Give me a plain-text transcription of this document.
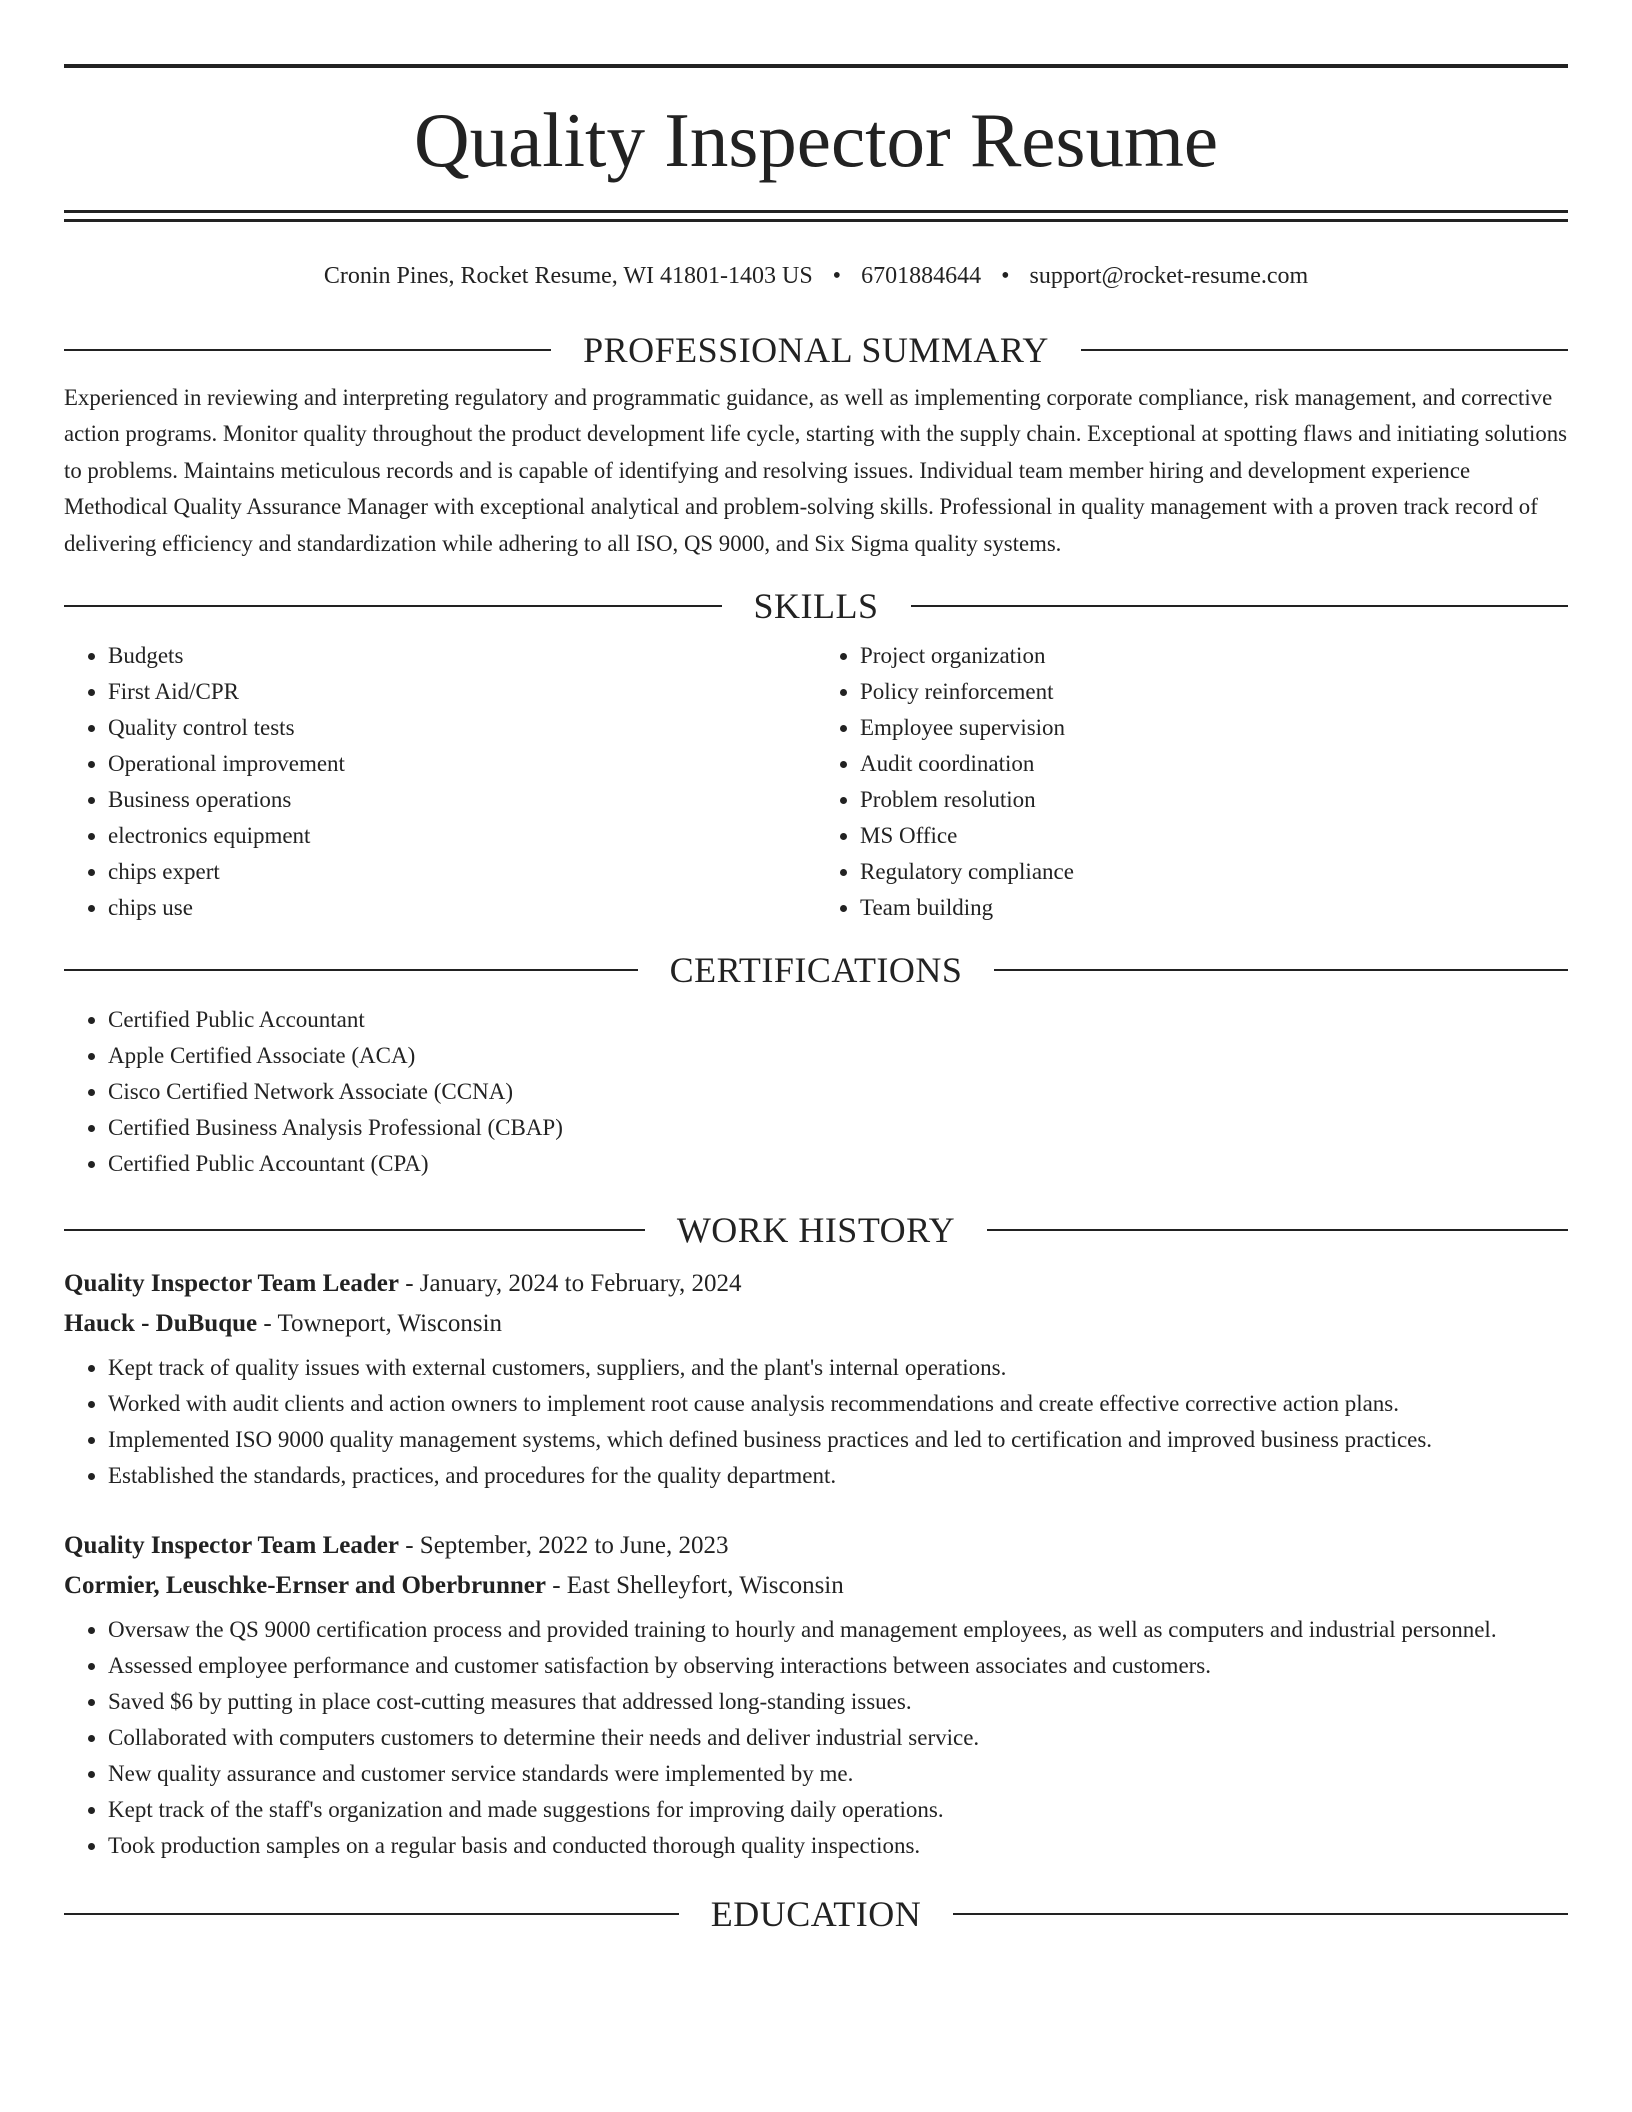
Quality Inspector Resume
Cronin Pines, Rocket Resume, WI 41801-1403 US • 6701884644 • support@rocket-resume.com
PROFESSIONAL SUMMARY

Experienced in reviewing and interpreting regulatory and programmatic guidance, as well as implementing corporate compliance, risk management, and corrective action programs. Monitor quality throughout the product development life cycle, starting with the supply chain. Exceptional at spotting flaws and initiating solutions to problems. Maintains meticulous records and is capable of identifying and resolving issues. Individual team member hiring and development experience Methodical Quality Assurance Manager with exceptional analytical and problem-solving skills. Professional in quality management with a proven track record of delivering efficiency and standardization while adhering to all ISO, QS 9000, and Six Sigma quality systems.

SKILLS
• Budgets
• First Aid/CPR
• Quality control tests
• Operational improvement
• Business operations
• electronics equipment
• chips expert
• chips use
• Project organization
• Policy reinforcement
• Employee supervision
• Audit coordination
• Problem resolution
• MS Office
• Regulatory compliance
• Team building
CERTIFICATIONS
• Certified Public Accountant
• Apple Certified Associate (ACA)
• Cisco Certified Network Associate (CCNA)
• Certified Business Analysis Professional (CBAP)
• Certified Public Accountant (CPA)
WORK HISTORY
Quality Inspector Team Leader - January, 2024 to February, 2024
Hauck - DuBuque - Towneport, Wisconsin
• Kept track of quality issues with external customers, suppliers, and the plant's internal operations.
• Worked with audit clients and action owners to implement root cause analysis recommendations and create effective corrective action plans.
• Implemented ISO 9000 quality management systems, which defined business practices and led to certification and improved business practices.
• Established the standards, practices, and procedures for the quality department.
Quality Inspector Team Leader - September, 2022 to June, 2023
Cormier, Leuschke-Ernser and Oberbrunner - East Shelleyfort, Wisconsin
• Oversaw the QS 9000 certification process and provided training to hourly and management employees, as well as computers and industrial personnel.
• Assessed employee performance and customer satisfaction by observing interactions between associates and customers.
• Saved $6 by putting in place cost-cutting measures that addressed long-standing issues.
• Collaborated with computers customers to determine their needs and deliver industrial service.
• New quality assurance and customer service standards were implemented by me.
• Kept track of the staff's organization and made suggestions for improving daily operations.
• Took production samples on a regular basis and conducted thorough quality inspections.
EDUCATION
